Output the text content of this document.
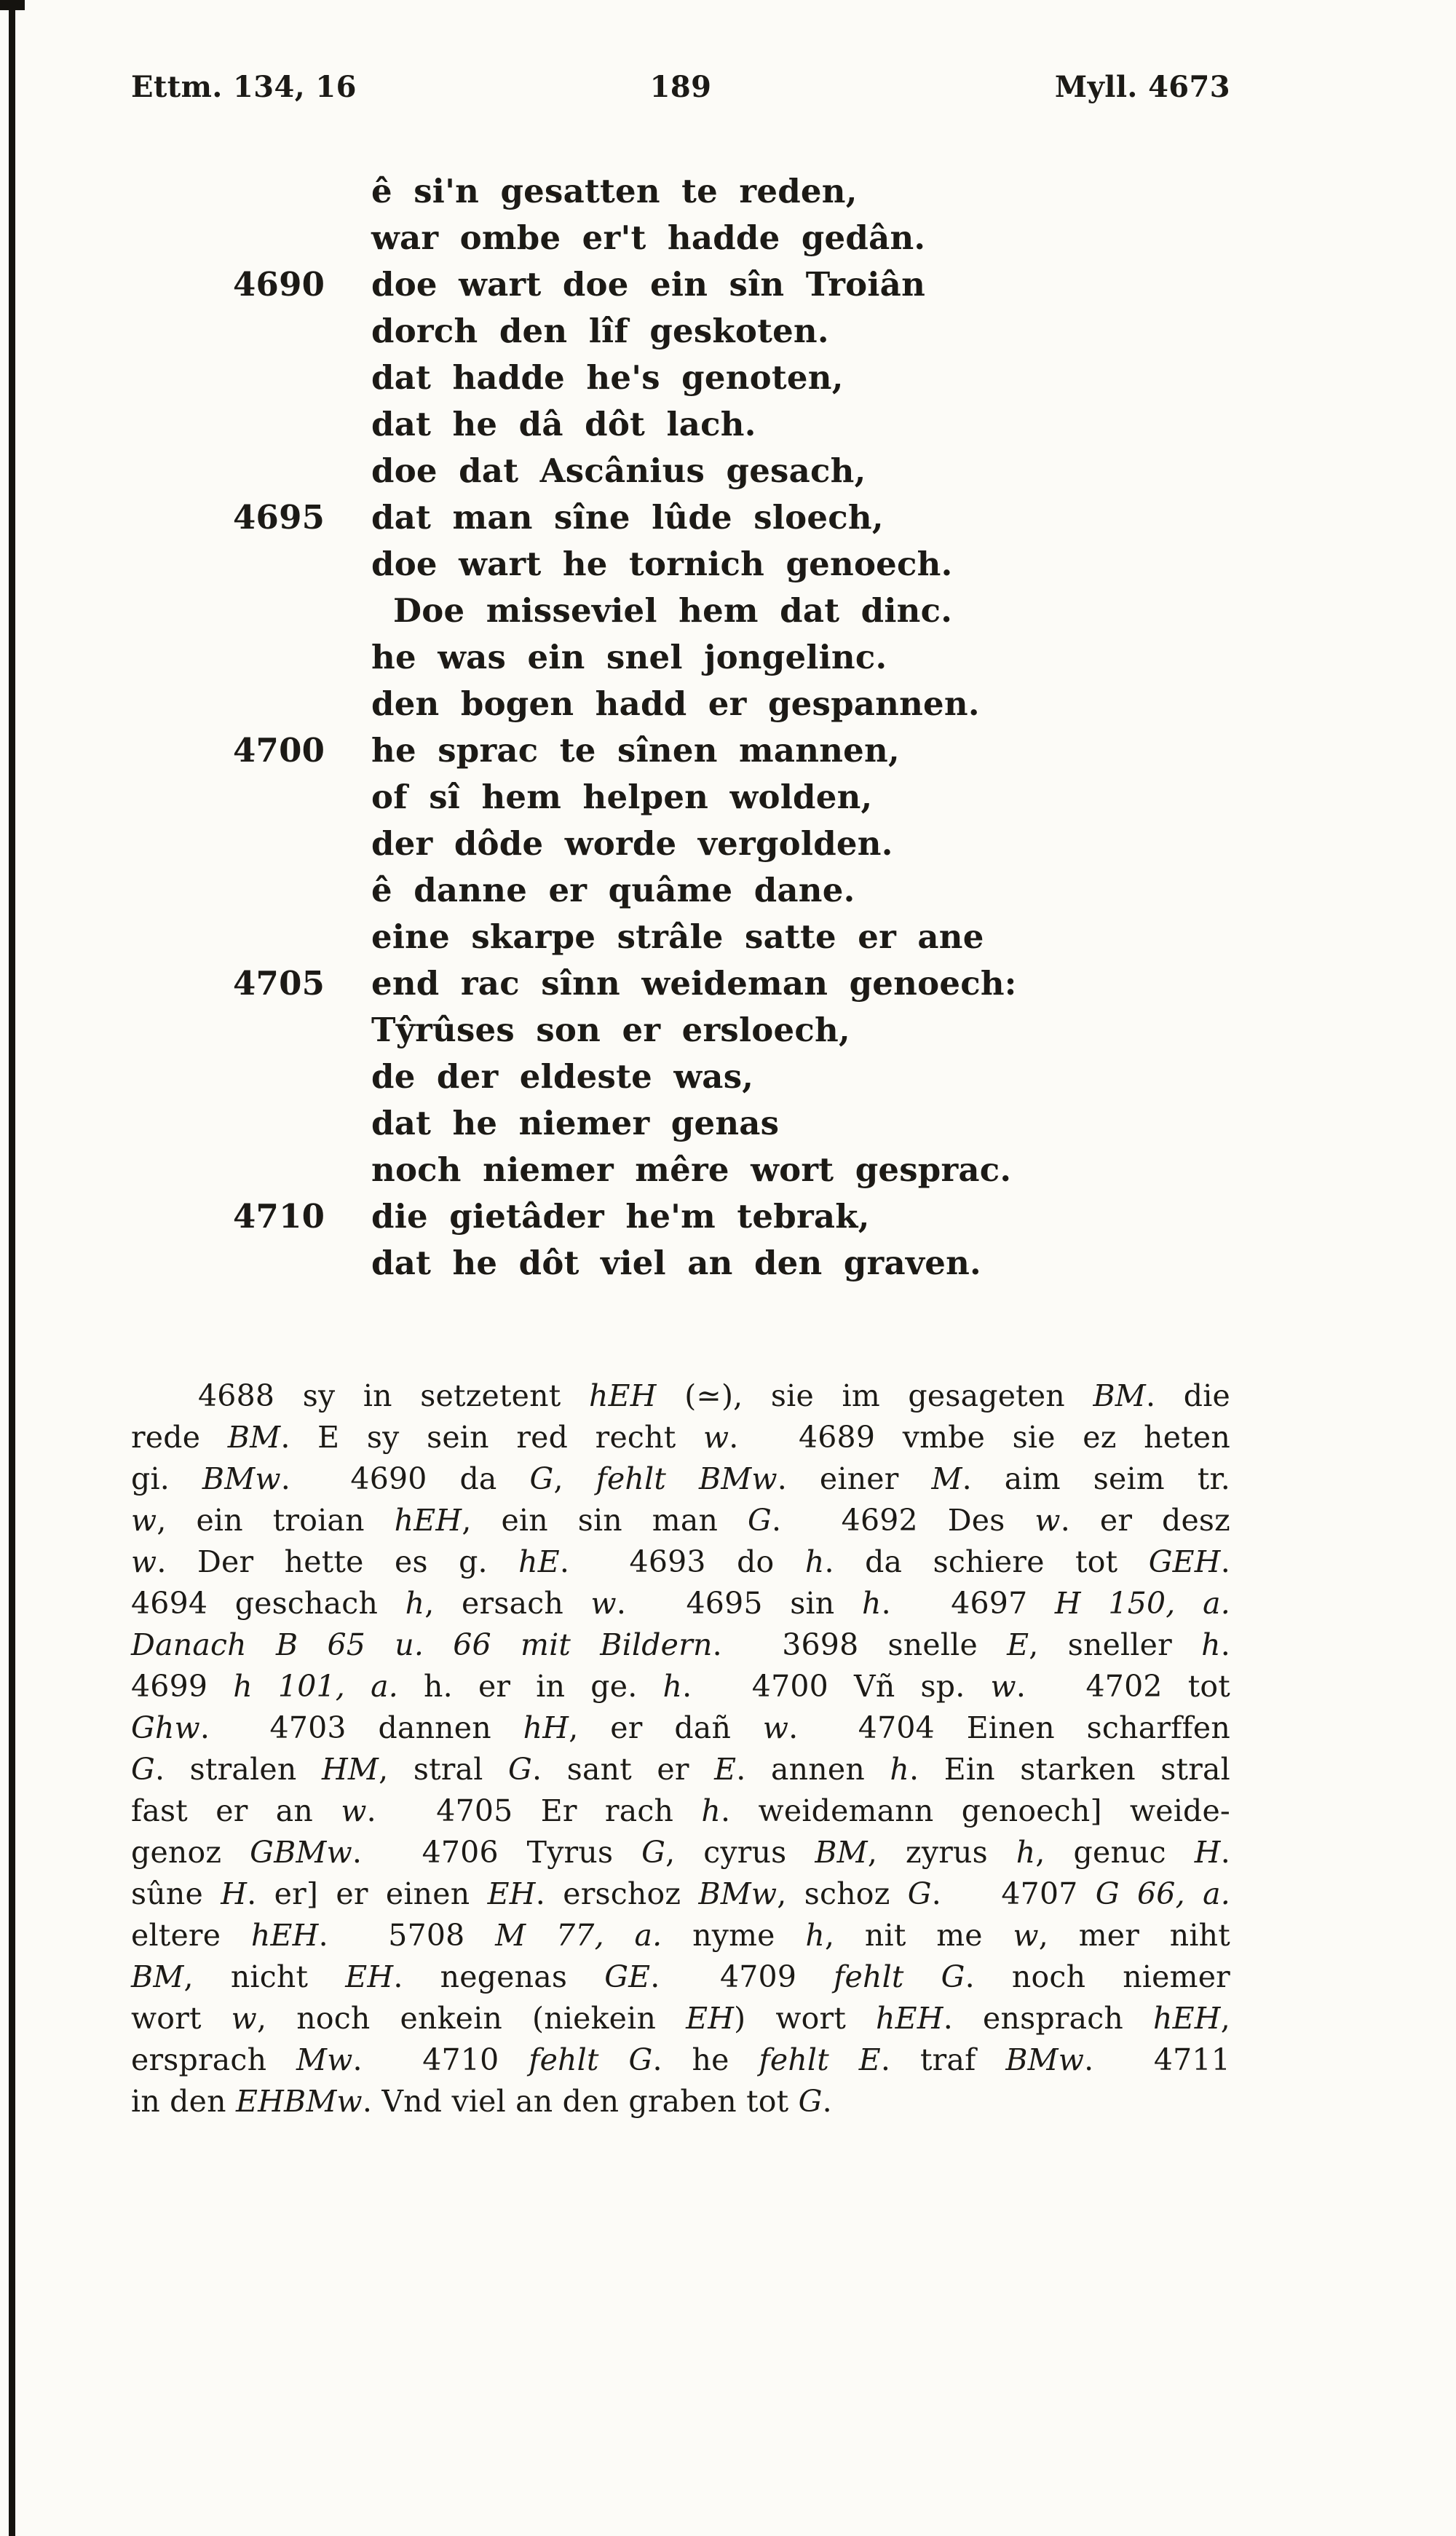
Ettm. 134, 16	189	Myll. 4673
ê si'n gesatten te reden,
war ombe er't hadde gedân.
4690	doe wart doe ein sîn Troiân
dorch den lîf geskoten.
dat hadde he's genoten,
dat he dâ dôt lach.
doe dat Ascânius gesach,
4695	dat man sîne lûde sloech,
doe wart he tornich genoech.
Doe misseviel hem dat dinc.
he was ein snel jongelinc.
den bogen hadd er gespannen.
4700	he sprac te sînen mannen,
of sî hem helpen wolden,
der dôde worde vergolden.
ê danne er quâme dane.
eine skarpe strâle satte er ane
4705	end rac sînn weideman genoech:
Tŷrûses son er ersloech,
de der eldeste was,
dat he niemer genas
noch niemer mêre wort gesprac.
4710	die gietâder he'm tebrak,
dat he dôt viel an den graven.
4688 sy in setzetent hEH (≃), sie im gesageten BM. die
rede BM. E sy sein red recht w.  4689 vmbe sie ez heten
gi. BMw.  4690 da G, fehlt BMw. einer M. aim seim tr.
w, ein troian hEH, ein sin man G.  4692 Des w. er desz
w. Der hette es g. hE.  4693 do h. da schiere tot GEH.
4694 geschach h, ersach w.  4695 sin h.  4697 H 150, a.
Danach B 65 u. 66 mit Bildern.  3698 snelle E, sneller h.
4699 h 101, a. h. er in ge. h.  4700 Vñ sp. w.  4702 tot
Ghw.  4703 dannen hH, er dañ w.  4704 Einen scharffen
G. stralen HM, stral G. sant er E. annen h. Ein starken stral
fast er an w.  4705 Er rach h. weidemann genoech] weide-
genoz GBMw.  4706 Tyrus G, cyrus BM, zyrus h, genuc H.
sûne H. er] er einen EH. erschoz BMw, schoz G.  4707 G 66, a.
eltere hEH.  5708 M 77, a. nyme h, nit me w, mer niht
BM, nicht EH. negenas GE.  4709 fehlt G. noch niemer
wort w, noch enkein (niekein EH) wort hEH. ensprach hEH,
ersprach Mw.  4710 fehlt G. he fehlt E. traf BMw.  4711
in den EHBMw. Vnd viel an den graben tot G.
